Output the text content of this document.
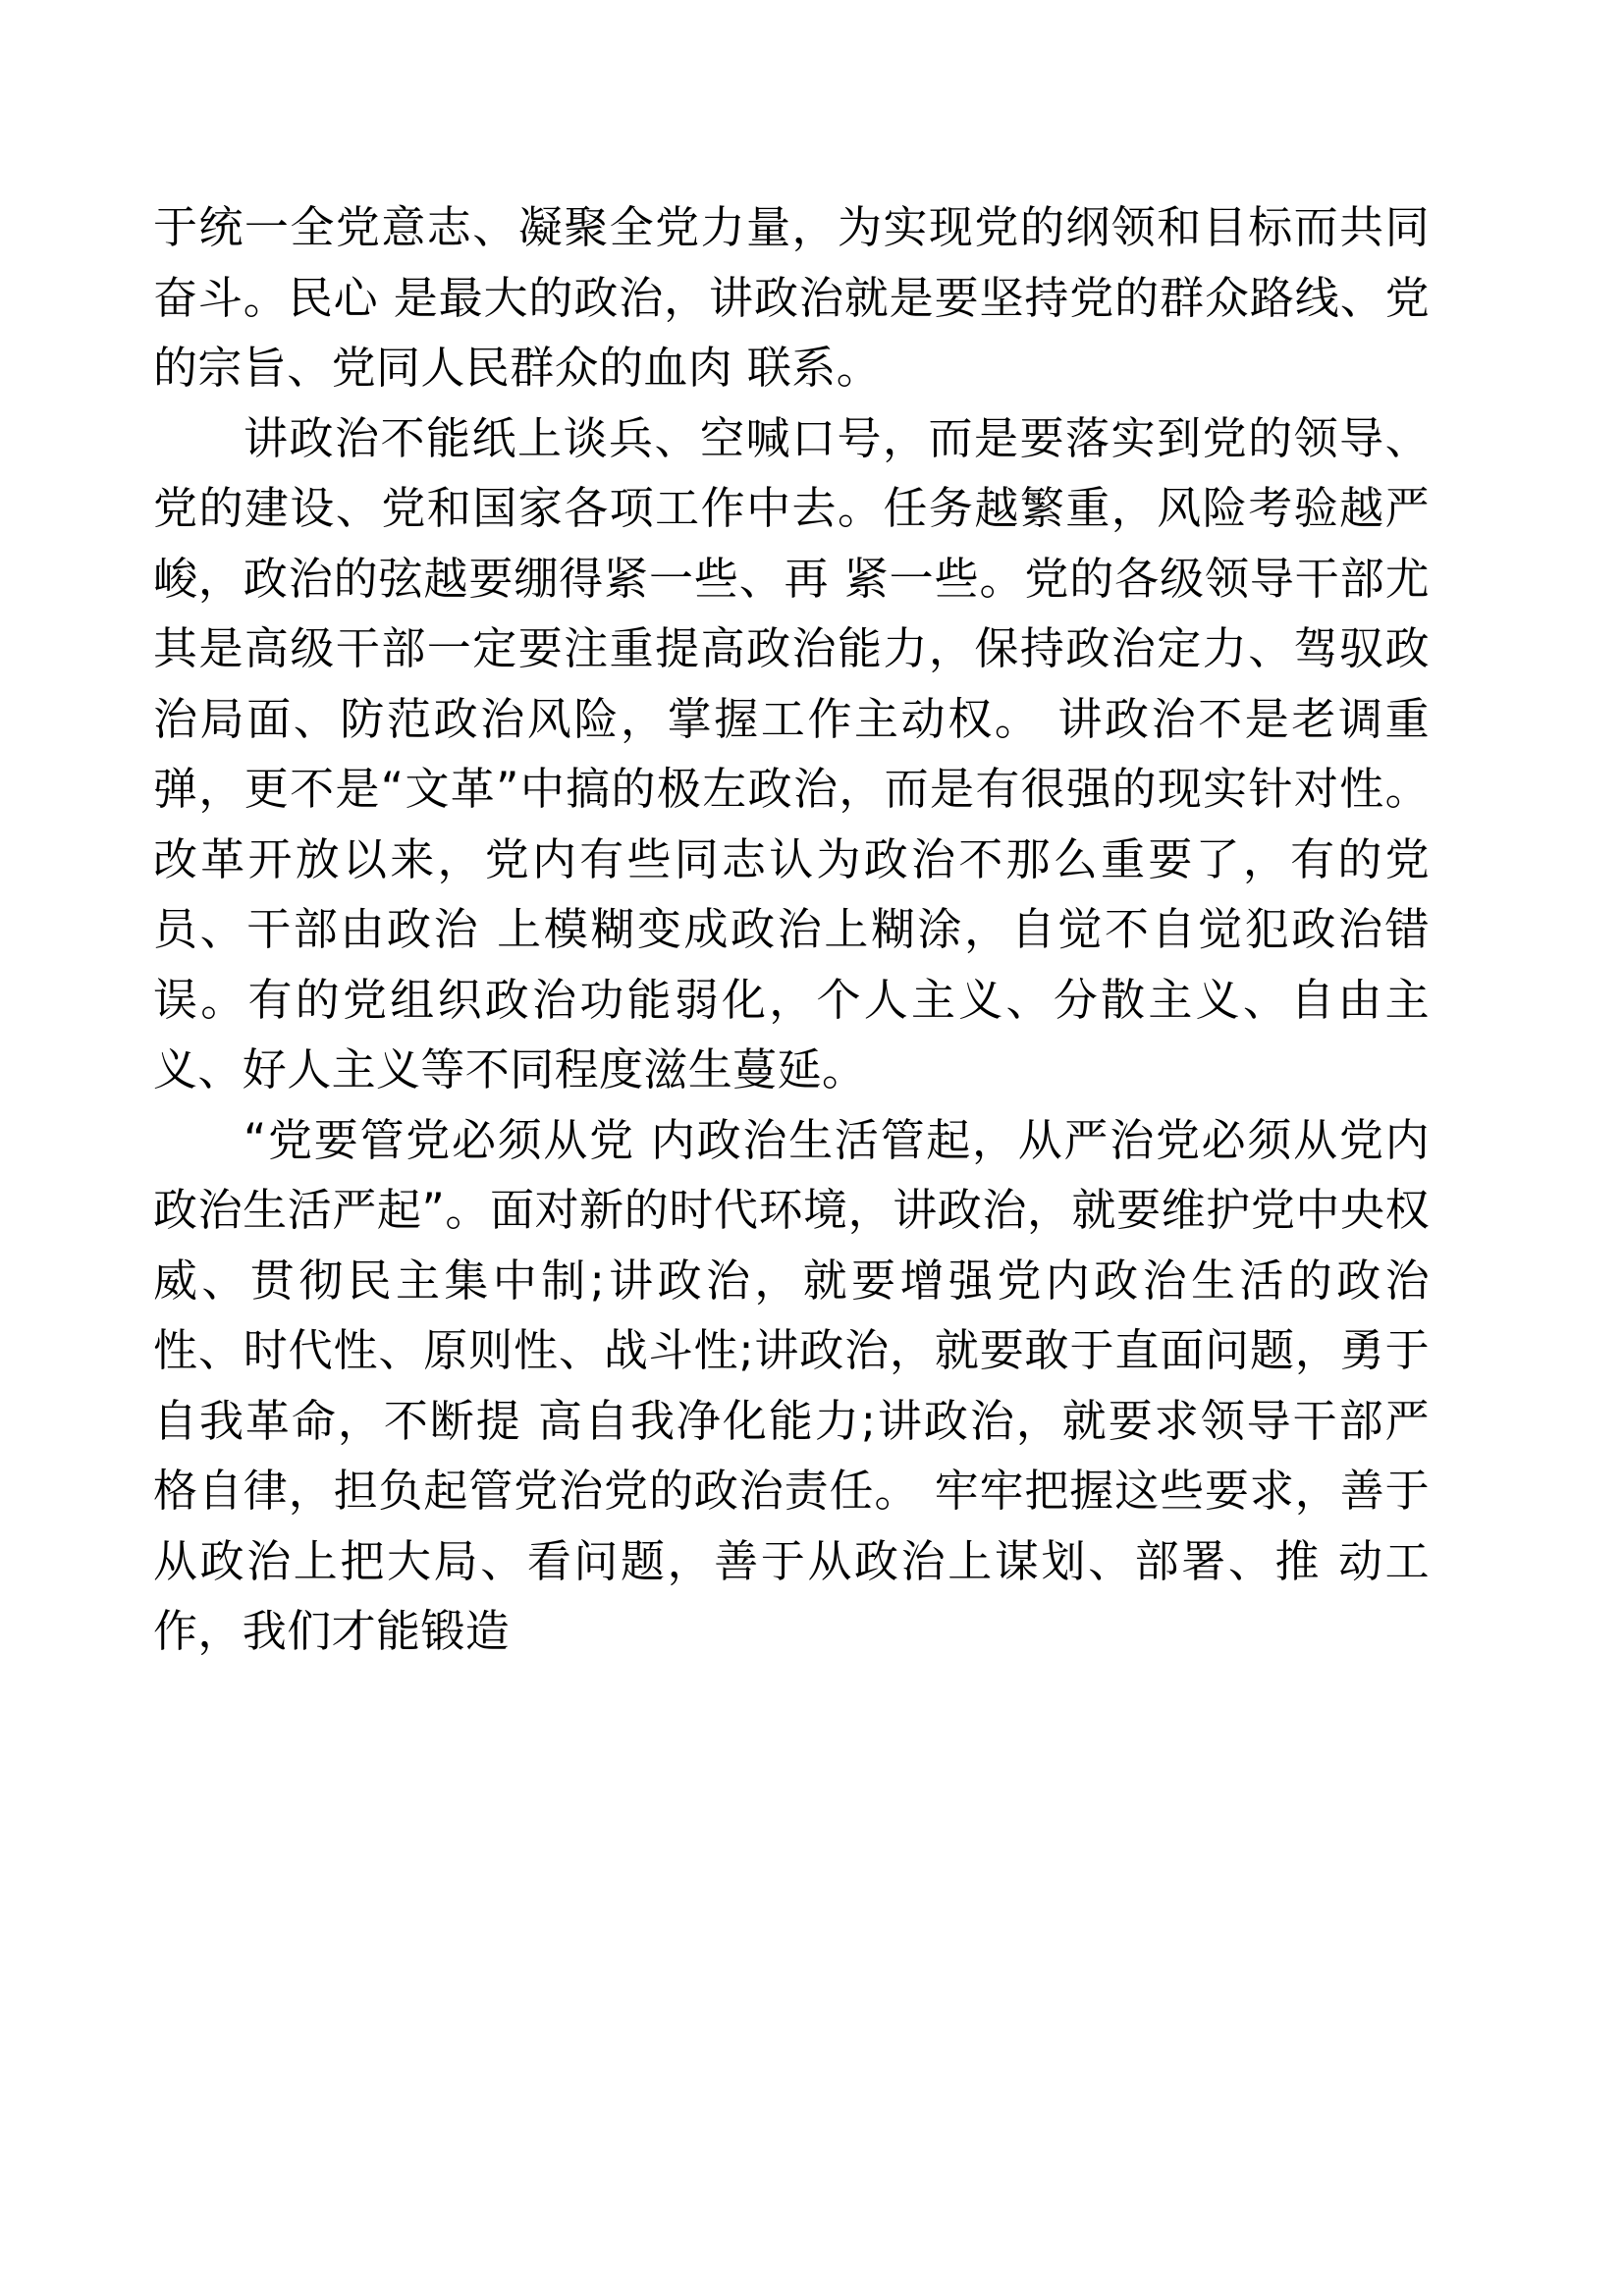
于统一全党意志、凝聚全党力量，为实现党的纲领和目标而共同奋斗。民心 是最大的政治，讲政治就是要坚持党的群众路线、党的宗旨、党同人民群众的血肉 联系。

讲政治不能纸上谈兵、空喊口号，而是要落实到党的领导、党的建设、党和国家各项工作中去。任务越繁重，风险考验越严峻，政治的弦越要绷得紧一些、再 紧一些。党的各级领导干部尤其是高级干部一定要注重提高政治能力，保持政治定力、驾驭政治局面、防范政治风险，掌握工作主动权。 讲政治不是老调重弹，更不是“文革”中搞的极左政治，而是有很强的现实针对性。改革开放以来，党内有些同志认为政治不那么重要了，有的党员、干部由政治 上模糊变成政治上糊涂，自觉不自觉犯政治错误。有的党组织政治功能弱化，个人主义、分散主义、自由主义、好人主义等不同程度滋生蔓延。

“党要管党必须从党 内政治生活管起，从严治党必须从党内政治生活严起”。面对新的时代环境，讲政治，就要维护党中央权威、贯彻民主集中制;讲政治，就要增强党内政治生活的政治 性、时代性、原则性、战斗性;讲政治，就要敢于直面问题，勇于自我革命，不断提 高自我净化能力;讲政治，就要求领导干部严格自律，担负起管党治党的政治责任。 牢牢把握这些要求，善于从政治上把大局、看问题，善于从政治上谋划、部署、推 动工作，我们才能锻造
